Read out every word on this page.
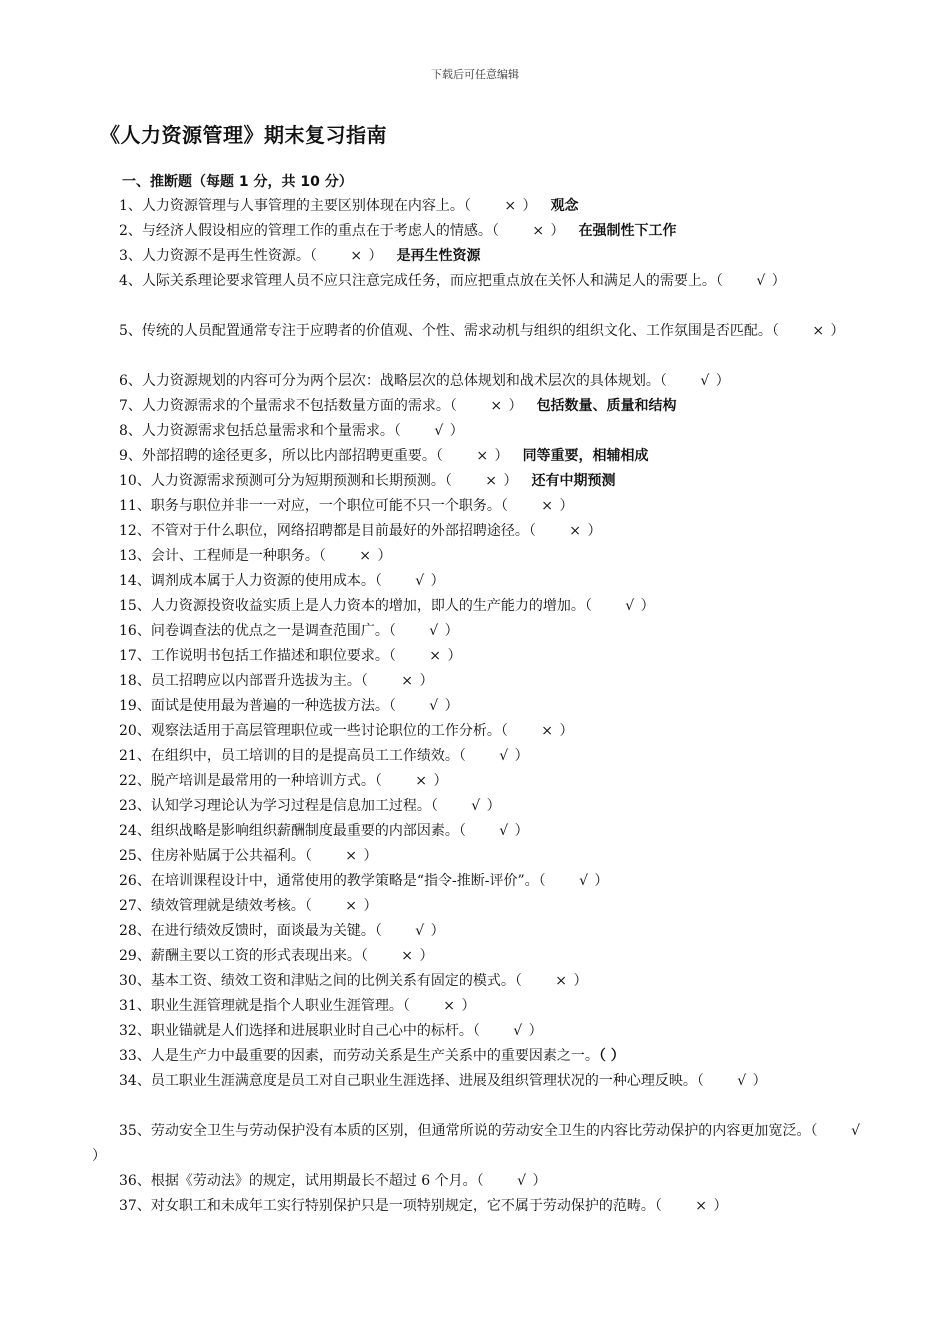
下载后可任意编辑
《人力资源管理》期末复习指南
一、推断题（每题 1 分，共 10 分）
1、人力资源管理与人事管理的主要区别体现在内容上。（ × ） 观念
2、与经济人假设相应的管理工作的重点在于考虑人的情感。（ × ） 在强制性下工作
3、人力资源不是再生性资源。（ × ） 是再生性资源
4、人际关系理论要求管理人员不应只注意完成任务，而应把重点放在关怀人和满足人的需要上。（ √ ）
5、传统的人员配置通常专注于应聘者的价值观、个性、需求动机与组织的组织文化、工作氛围是否匹配。（ × ）
6、人力资源规划的内容可分为两个层次：战略层次的总体规划和战术层次的具体规划。（ √ ）
7、人力资源需求的个量需求不包括数量方面的需求。（ × ） 包括数量、质量和结构
8、人力资源需求包括总量需求和个量需求。（ √ ）
9、外部招聘的途径更多，所以比内部招聘更重要。（ × ） 同等重要，相辅相成
10、人力资源需求预测可分为短期预测和长期预测。（ × ） 还有中期预测
11、职务与职位并非一一对应，一个职位可能不只一个职务。（ × ）
12、不管对于什么职位，网络招聘都是目前最好的外部招聘途径。（ × ）
13、会计、工程师是一种职务。（ × ）
14、调剂成本属于人力资源的使用成本。（ √ ）
15、人力资源投资收益实质上是人力资本的增加，即人的生产能力的增加。（ √ ）
16、问卷调查法的优点之一是调查范围广。（ √ ）
17、工作说明书包括工作描述和职位要求。（ × ）
18、员工招聘应以内部晋升选拔为主。（ × ）
19、面试是使用最为普遍的一种选拔方法。（ √ ）
20、观察法适用于高层管理职位或一些讨论职位的工作分析。（ × ）
21、在组织中，员工培训的目的是提高员工工作绩效。（ √ ）
22、脱产培训是最常用的一种培训方式。（ × ）
23、认知学习理论认为学习过程是信息加工过程。（ √ ）
24、组织战略是影响组织薪酬制度最重要的内部因素。（ √ ）
25、住房补贴属于公共福利。（ × ）
26、在培训课程设计中，通常使用的教学策略是“指令-推断-评价”。（ √ ）
27、绩效管理就是绩效考核。（ × ）
28、在进行绩效反馈时，面谈最为关键。（ √ ）
29、薪酬主要以工资的形式表现出来。（ × ）
30、基本工资、绩效工资和津贴之间的比例关系有固定的模式。（ × ）
31、职业生涯管理就是指个人职业生涯管理。（ × ）
32、职业锚就是人们选择和进展职业时自己心中的标杆。（ √ ）
33、人是生产力中最重要的因素，而劳动关系是生产关系中的重要因素之一。（ ）
34、员工职业生涯满意度是员工对自己职业生涯选择、进展及组织管理状况的一种心理反映。（ √ ）
35、劳动安全卫生与劳动保护没有本质的区别，但通常所说的劳动安全卫生的内容比劳动保护的内容更加宽泛。（ √ ）
36、根据《劳动法》的规定，试用期最长不超过 6 个月。（ √ ）
37、对女职工和未成年工实行特别保护只是一项特别规定，它不属于劳动保护的范畴。（ × ）
